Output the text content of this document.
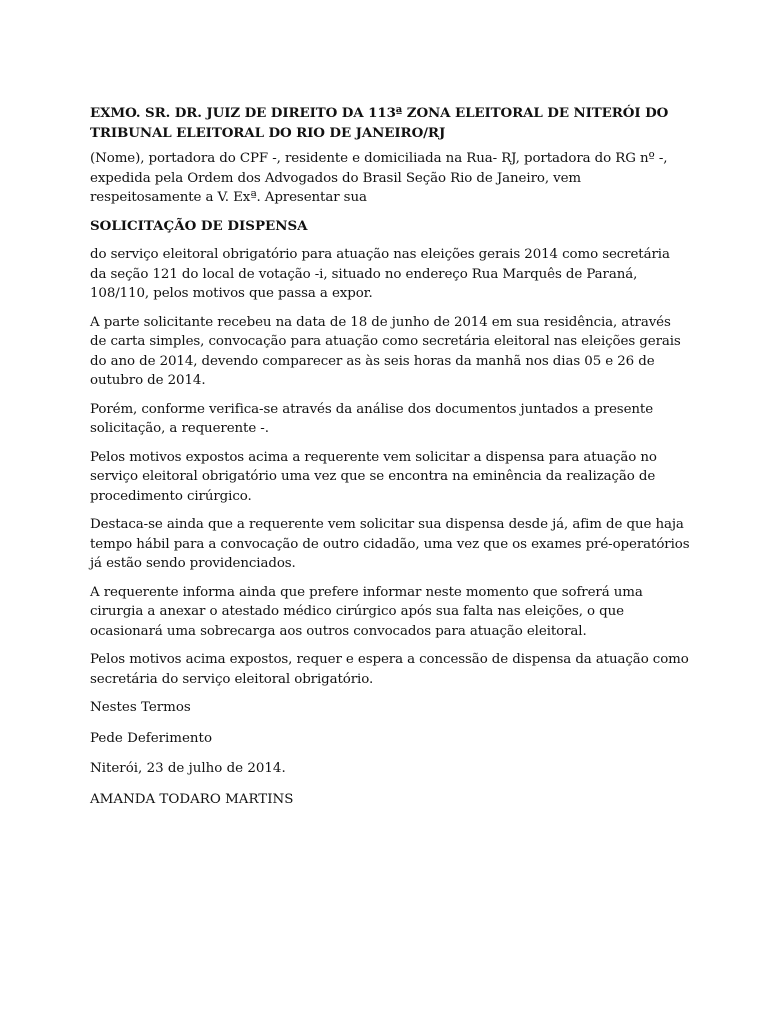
EXMO. SR. DR. JUIZ DE DIREITO DA 113ª ZONA ELEITORAL DE NITERÓI DO TRIBUNAL ELEITORAL DO RIO DE JANEIRO/RJ

(Nome), portadora do CPF -, residente e domiciliada na Rua- RJ, portadora do RG nº -, expedida pela Ordem dos Advogados do Brasil Seção Rio de Janeiro, vem respeitosamente a V. Exª. Apresentar sua

SOLICITAÇÃO DE DISPENSA

do serviço eleitoral obrigatório para atuação nas eleições gerais 2014 como secretária da seção 121 do local de votação -i, situado no endereço Rua Marquês de Paraná, 108/110, pelos motivos que passa a expor.

A parte solicitante recebeu na data de 18 de junho de 2014 em sua residência, através de carta simples, convocação para atuação como secretária eleitoral nas eleições gerais do ano de 2014, devendo comparecer as às seis horas da manhã nos dias 05 e 26 de outubro de 2014.

Porém, conforme verifica-se através da análise dos documentos juntados a presente solicitação, a requerente -.

Pelos motivos expostos acima a requerente vem solicitar a dispensa para atuação no serviço eleitoral obrigatório uma vez que se encontra na eminência da realização de procedimento cirúrgico.

Destaca-se ainda que a requerente vem solicitar sua dispensa desde já, afim de que haja tempo hábil para a convocação de outro cidadão, uma vez que os exames pré-operatórios já estão sendo providenciados.

A requerente informa ainda que prefere informar neste momento que sofrerá uma cirurgia a anexar o atestado médico cirúrgico após sua falta nas eleições, o que ocasionará uma sobrecarga aos outros convocados para atuação eleitoral.

Pelos motivos acima expostos, requer e espera a concessão de dispensa da atuação como secretária do serviço eleitoral obrigatório.

Nestes Termos

Pede Deferimento

Niterói, 23 de julho de 2014.

AMANDA TODARO MARTINS
